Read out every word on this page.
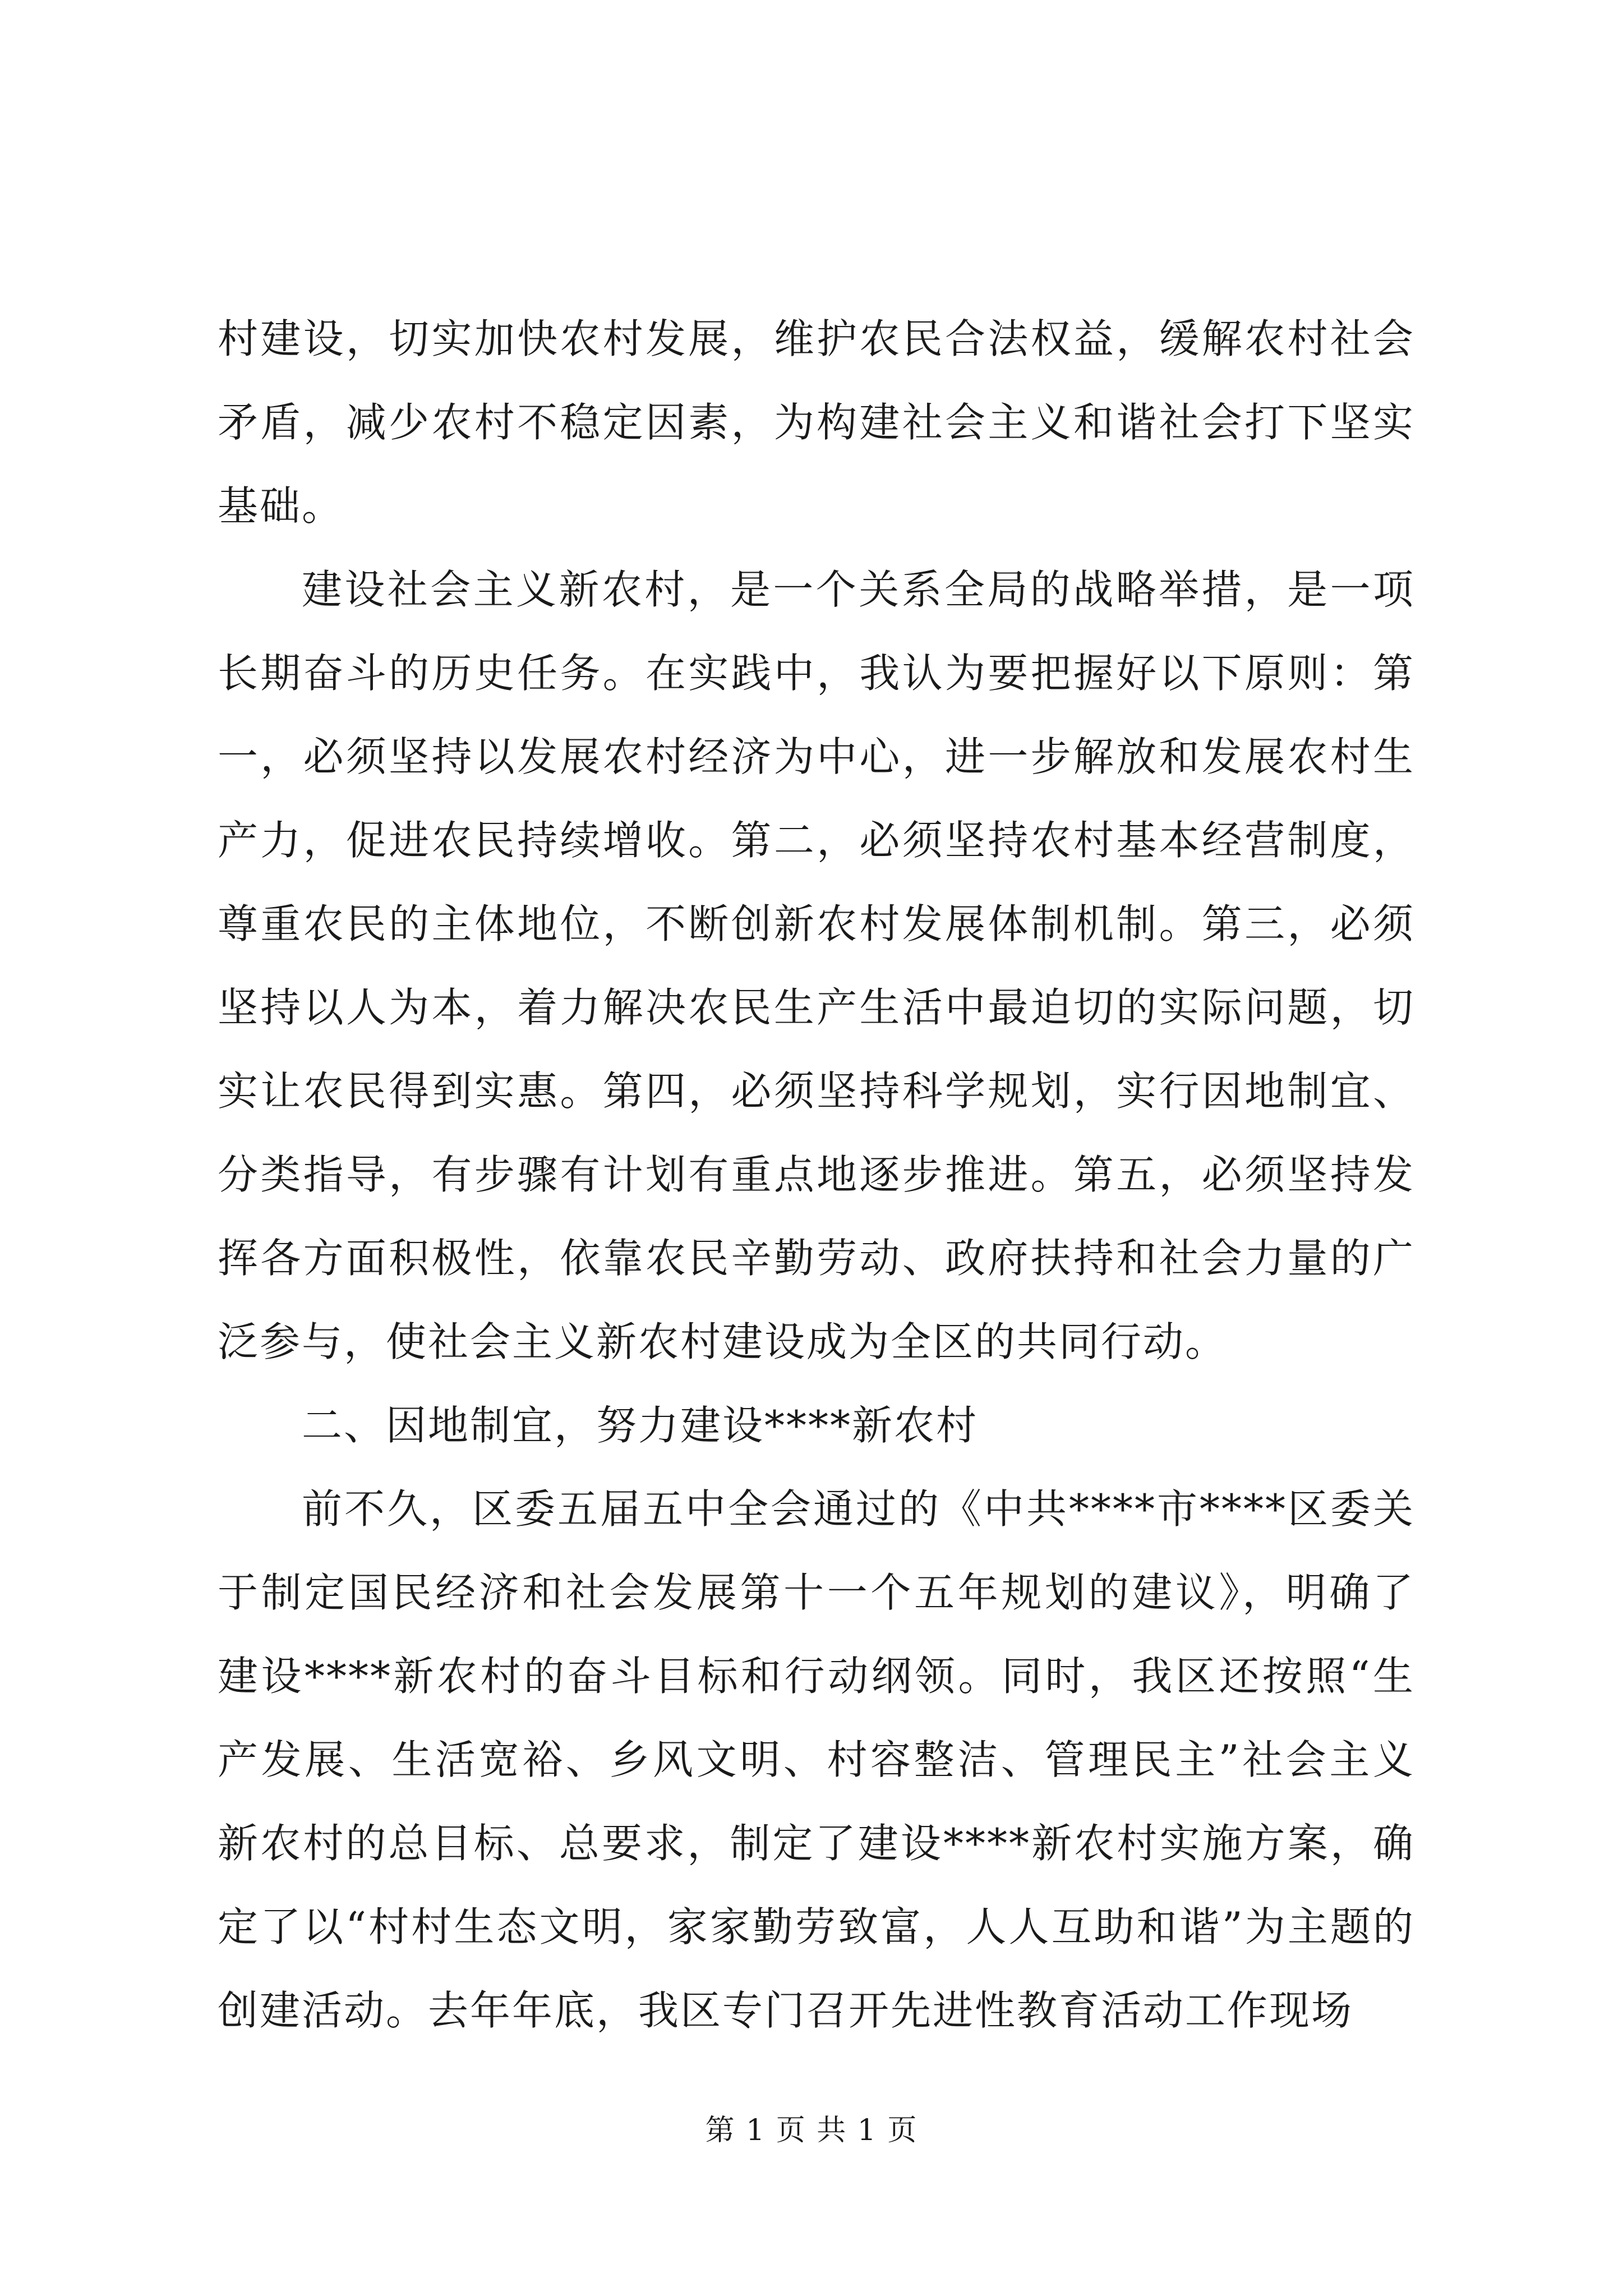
村建设，切实加快农村发展，维护农民合法权益，缓解农村社会矛盾，减少农村不稳定因素，为构建社会主义和谐社会打下坚实基础。

建设社会主义新农村，是一个关系全局的战略举措，是一项长期奋斗的历史任务。在实践中，我认为要把握好以下原则：第一，必须坚持以发展农村经济为中心，进一步解放和发展农村生产力，促进农民持续增收。第二，必须坚持农村基本经营制度，尊重农民的主体地位，不断创新农村发展体制机制。第三，必须坚持以人为本，着力解决农民生产生活中最迫切的实际问题，切实让农民得到实惠。第四，必须坚持科学规划，实行因地制宜、分类指导，有步骤有计划有重点地逐步推进。第五，必须坚持发挥各方面积极性，依靠农民辛勤劳动、政府扶持和社会力量的广泛参与，使社会主义新农村建设成为全区的共同行动。

二、因地制宜，努力建设****新农村

前不久，区委五届五中全会通过的《中共****市****区委关于制定国民经济和社会发展第十一个五年规划的建议》，明确了建设****新农村的奋斗目标和行动纲领。同时，我区还按照“生产发展、生活宽裕、乡风文明、村容整洁、管理民主”社会主义新农村的总目标、总要求，制定了建设****新农村实施方案，确定了以“村村生态文明，家家勤劳致富，人人互助和谐”为主题的创建活动。去年年底，我区专门召开先进性教育活动工作现场

第 1 页 共 1 页
